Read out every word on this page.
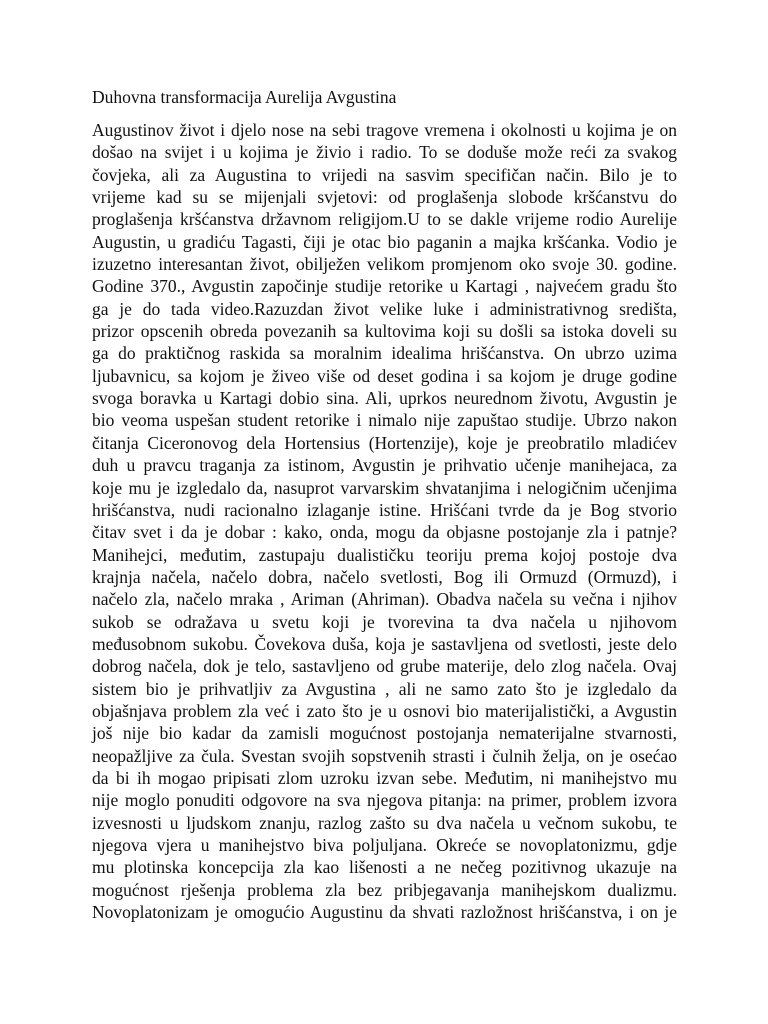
Duhovna transformacija Aurelija Avgustina
Augustinov život i djelo nose na sebi tragove vremena i okolnosti u kojima je on
došao na svijet i u kojima je živio i radio. To se doduše može reći za svakog
čovjeka, ali za Augustina to vrijedi na sasvim specifičan način. Bilo je to
vrijeme kad su se mijenjali svjetovi: od proglašenja slobode kršćanstvu do
proglašenja kršćanstva državnom religijom.U to se dakle vrijeme rodio Aurelije
Augustin, u gradiću Tagasti, čiji je otac bio paganin a majka kršćanka. Vodio je
izuzetno interesantan život, obilježen velikom promjenom oko svoje 30. godine.
Godine 370., Avgustin započinje studije retorike u Kartagi , najvećem gradu što
ga je do tada video.Razuzdan život velike luke i administrativnog središta,
prizor opscenih obreda povezanih sa kultovima koji su došli sa istoka doveli su
ga do praktičnog raskida sa moralnim idealima hrišćanstva. On ubrzo uzima
ljubavnicu, sa kojom je živeo više od deset godina i sa kojom je druge godine
svoga boravka u Kartagi dobio sina. Ali, uprkos neurednom životu, Avgustin je
bio veoma uspešan student retorike i nimalo nije zapuštao studije. Ubrzo nakon
čitanja Ciceronovog dela Hortensius (Hortenzije), koje je preobratilo mladićev
duh u pravcu traganja za istinom, Avgustin je prihvatio učenje manihejaca, za
koje mu je izgledalo da, nasuprot varvarskim shvatanjima i nelogičnim učenjima
hrišćanstva, nudi racionalno izlaganje istine. Hrišćani tvrde da je Bog stvorio
čitav svet i da je dobar : kako, onda, mogu da objasne postojanje zla i patnje?
Manihejci, međutim, zastupaju dualističku teoriju prema kojoj postoje dva
krajnja načela, načelo dobra, načelo svetlosti, Bog ili Ormuzd (Ormuzd), i
načelo zla, načelo mraka , Ariman (Ahriman). Obadva načela su večna i njihov
sukob se odražava u svetu koji je tvorevina ta dva načela u njihovom
međusobnom sukobu. Čovekova duša, koja je sastavljena od svetlosti, jeste delo
dobrog načela, dok je telo, sastavljeno od grube materije, delo zlog načela. Ovaj
sistem bio je prihvatljiv za Avgustina , ali ne samo zato što je izgledalo da
objašnjava problem zla već i zato što je u osnovi bio materijalistički, a Avgustin
još nije bio kadar da zamisli mogućnost postojanja nematerijalne stvarnosti,
neopažljive za čula. Svestan svojih sopstvenih strasti i čulnih želja, on je osećao
da bi ih mogao pripisati zlom uzroku izvan sebe. Međutim, ni manihejstvo mu
nije moglo ponuditi odgovore na sva njegova pitanja: na primer, problem izvora
izvesnosti u ljudskom znanju, razlog zašto su dva načela u večnom sukobu, te
njegova vjera u manihejstvo biva poljuljana. Okreće se novoplatonizmu, gdje
mu plotinska koncepcija zla kao lišenosti a ne nečeg pozitivnog ukazuje na
mogućnost rješenja problema zla bez pribjegavanja manihejskom dualizmu.
Novoplatonizam je omogućio Augustinu da shvati razložnost hrišćanstva, i on je
